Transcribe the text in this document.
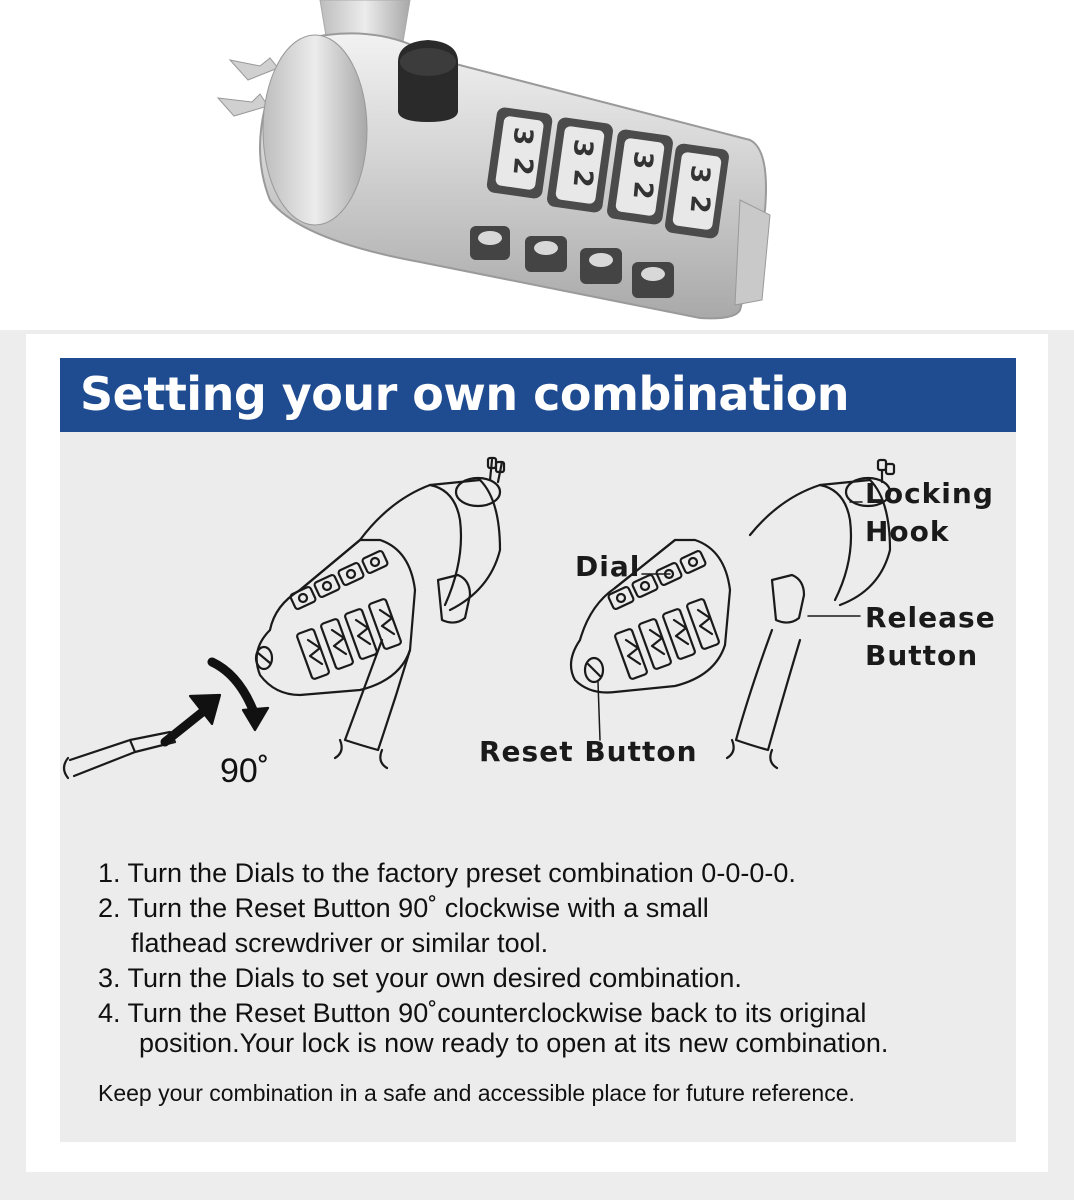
3
2
3
2
3
2
3
2
Setting your own combination
Locking
Hook
Dial
Release
Button
Reset Button
90˚
1. Turn the Dials to the factory preset combination 0-0-0-0.
2. Turn the Reset Button 90˚ clockwise with a small
flathead screwdriver or similar tool.
3. Turn the Dials to set your own desired combination.
4. Turn the Reset Button 90˚counterclockwise back to its original
position.Your lock is now ready to open at its new combination.
Keep your combination in a safe and accessible place for future reference.
